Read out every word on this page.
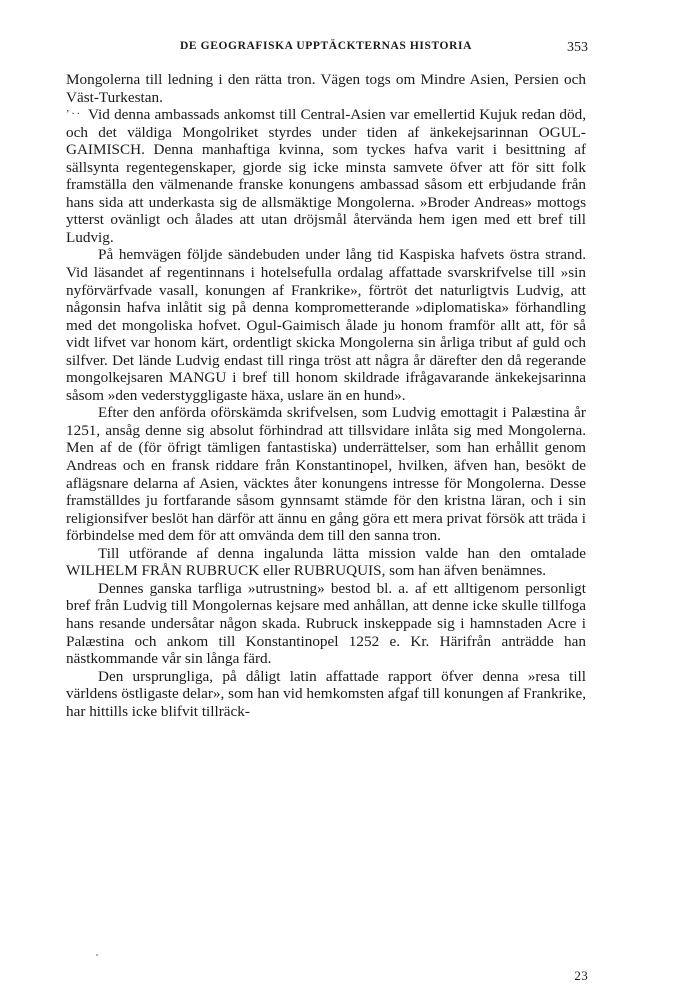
DE GEOGRAFISKA UPPTÄCKTERNAS HISTORIA	353

Mongolerna till ledning i den rätta tron. Vägen togs om Mindre Asien, Persien och Väst-Turkestan.

’·· Vid denna ambassads ankomst till Central-Asien var emellertid Kujuk redan död, och det väldiga Mongolriket styrdes under tiden af änkekejsarinnan OGUL-GAIMISCH. Denna manhaftiga kvinna, som tyckes hafva varit i besittning af sällsynta regentegenskaper, gjorde sig icke minsta samvete öfver att för sitt folk framställa den välmenande franske konungens ambassad såsom ett erbjudande från hans sida att underkasta sig de allsmäktige Mongolerna. »Broder Andreas» mottogs ytterst ovänligt och ålades att utan dröjsmål återvända hem igen med ett bref till Ludvig.

På hemvägen följde sändebuden under lång tid Kaspiska hafvets östra strand. Vid läsandet af regentinnans i hotelsefulla ordalag affattade svarskrifvelse till »sin nyförvärfvade vasall, konungen af Frankrike», förtröt det naturligtvis Ludvig, att någonsin hafva inlåtit sig på denna komprometterande »diplomatiska» förhandling med det mongoliska hofvet. Ogul-Gaimisch ålade ju honom framför allt att, för så vidt lifvet var honom kärt, ordentligt skicka Mongolerna sin årliga tribut af guld och silfver. Det lände Ludvig endast till ringa tröst att några år därefter den då regerande mongolkejsaren MANGU i bref till honom skildrade ifrågavarande änkekejsarinna såsom »den vederstyggligaste häxa, uslare än en hund».

Efter den anförda oförskämda skrifvelsen, som Ludvig emottagit i Palæstina år 1251, ansåg denne sig absolut förhindrad att tillsvidare inlåta sig med Mongolerna. Men af de (för öfrigt tämligen fantastiska) underrättelser, som han erhållit genom Andreas och en fransk riddare från Konstantinopel, hvilken, äfven han, besökt de aflägsnare delarna af Asien, väcktes åter konungens intresse för Mongolerna. Desse framställdes ju fortfarande såsom gynnsamt stämde för den kristna läran, och i sin religionsifver beslöt han därför att ännu en gång göra ett mera privat försök att träda i förbindelse med dem för att omvända dem till den sanna tron.

Till utförande af denna ingalunda lätta mission valde han den omtalade WILHELM FRÅN RUBRUCK eller RUBRUQUIS, som han äfven benämnes.

Dennes ganska tarfliga »utrustning» bestod bl. a. af ett alltigenom personligt bref från Ludvig till Mongolernas kejsare med anhållan, att denne icke skulle tillfoga hans resande undersåtar någon skada. Rubruck inskeppade sig i hamnstaden Acre i Palæstina och ankom till Konstantinopel 1252 e. Kr. Härifrån anträdde han nästkommande vår sin långa färd.

Den ursprungliga, på dåligt latin affattade rapport öfver denna »resa till världens östligaste delar», som han vid hemkomsten afgaf till konungen af Frankrike, har hittills icke blifvit tillräck-

23
